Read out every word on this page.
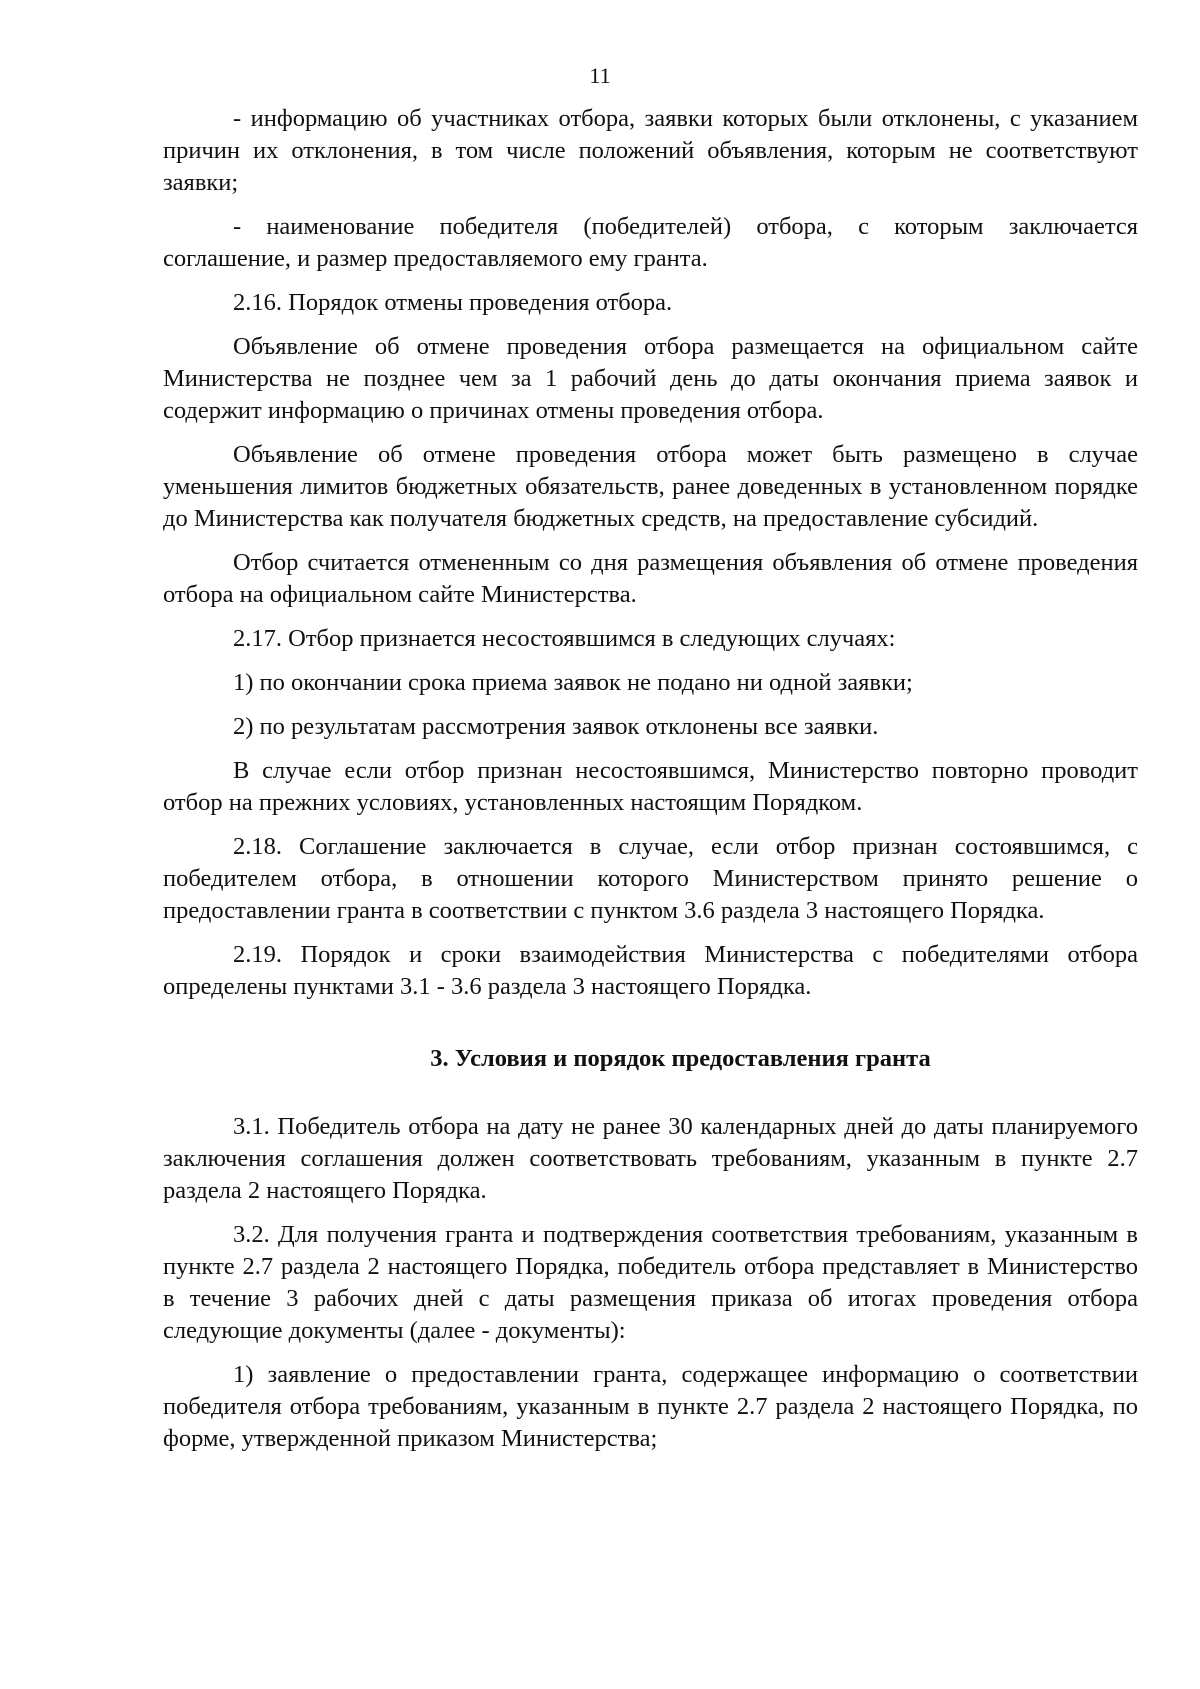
11

- информацию об участниках отбора, заявки которых были отклонены, с указанием причин их отклонения, в том числе положений объявления, которым не соответствуют заявки;

- наименование победителя (победителей) отбора, с которым заключается соглашение, и размер предоставляемого ему гранта.

2.16. Порядок отмены проведения отбора.

Объявление об отмене проведения отбора размещается на официальном сайте Министерства не позднее чем за 1 рабочий день до даты окончания приема заявок и содержит информацию о причинах отмены проведения отбора.

Объявление об отмене проведения отбора может быть размещено в случае уменьшения лимитов бюджетных обязательств, ранее доведенных в установленном порядке до Министерства как получателя бюджетных средств, на предоставление субсидий.

Отбор считается отмененным со дня размещения объявления об отмене проведения отбора на официальном сайте Министерства.

2.17. Отбор признается несостоявшимся в следующих случаях:

1) по окончании срока приема заявок не подано ни одной заявки;

2) по результатам рассмотрения заявок отклонены все заявки.

В случае если отбор признан несостоявшимся, Министерство повторно проводит отбор на прежних условиях, установленных настоящим Порядком.

2.18. Соглашение заключается в случае, если отбор признан состоявшимся, с победителем отбора, в отношении которого Министерством принято решение о предоставлении гранта в соответствии с пунктом 3.6 раздела 3 настоящего Порядка.

2.19. Порядок и сроки взаимодействия Министерства с победителями отбора определены пунктами 3.1 - 3.6 раздела 3 настоящего Порядка.

3. Условия и порядок предоставления гранта

3.1. Победитель отбора на дату не ранее 30 календарных дней до даты планируемого заключения соглашения должен соответствовать требованиям, указанным в пункте 2.7 раздела 2 настоящего Порядка.

3.2. Для получения гранта и подтверждения соответствия требованиям, указанным в пункте 2.7 раздела 2 настоящего Порядка, победитель отбора представляет в Министерство в течение 3 рабочих дней с даты размещения приказа об итогах проведения отбора следующие документы (далее - документы):

1) заявление о предоставлении гранта, содержащее информацию о соответствии победителя отбора требованиям, указанным в пункте 2.7 раздела 2 настоящего Порядка, по форме, утвержденной приказом Министерства;
